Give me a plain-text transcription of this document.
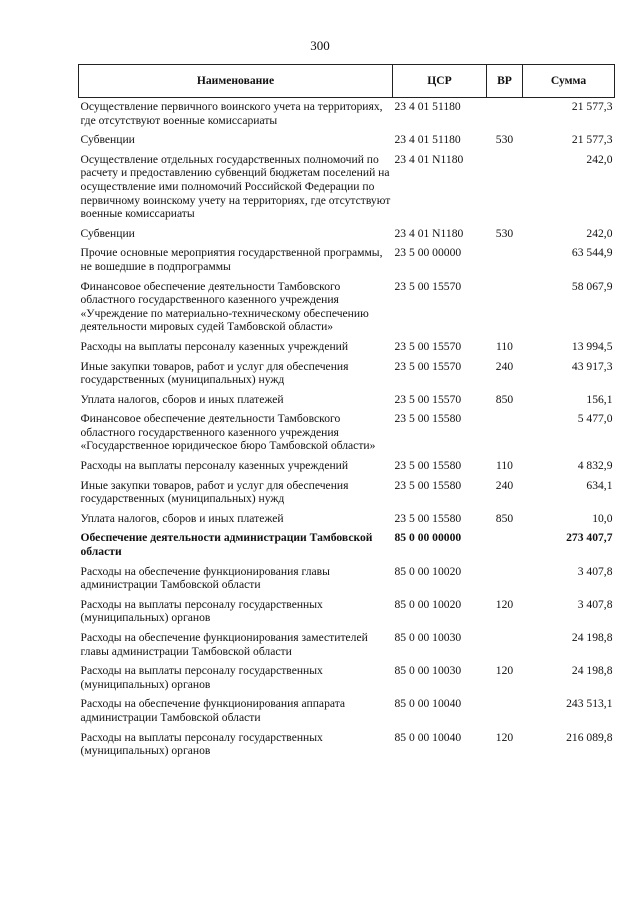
300
Наименование	ЦСР	ВР	Сумма
Осуществление первичного воинского учета на территориях, где отсутствуют военные комиссариаты	23 4 01 51180		21 577,3
Субвенции	23 4 01 51180	530	21 577,3
Осуществление отдельных государственных полномочий по расчету и предоставлению субвенций бюджетам поселений на осуществление ими полномочий Российской Федерации по первичному воинскому учету на территориях, где отсутствуют военные комиссариаты	23 4 01 N1180		242,0
Субвенции	23 4 01 N1180	530	242,0
Прочие основные мероприятия государственной программы, не вошедшие в подпрограммы	23 5 00 00000		63 544,9
Финансовое обеспечение деятельности Тамбовского областного государственного казенного учреждения «Учреждение по материально-техническому обеспечению деятельности мировых судей Тамбовской области»	23 5 00 15570		58 067,9
Расходы на выплаты персоналу казенных учреждений	23 5 00 15570	110	13 994,5
Иные закупки товаров, работ и услуг для обеспечения государственных (муниципальных) нужд	23 5 00 15570	240	43 917,3
Уплата налогов, сборов и иных платежей	23 5 00 15570	850	156,1
Финансовое обеспечение деятельности Тамбовского областного государственного казенного учреждения «Государственное юридическое бюро Тамбовской области»	23 5 00 15580		5 477,0
Расходы на выплаты персоналу казенных учреждений	23 5 00 15580	110	4 832,9
Иные закупки товаров, работ и услуг для обеспечения государственных (муниципальных) нужд	23 5 00 15580	240	634,1
Уплата налогов, сборов и иных платежей	23 5 00 15580	850	10,0
Обеспечение деятельности администрации Тамбовской области	85 0 00 00000		273 407,7
Расходы на обеспечение функционирования главы администрации Тамбовской области	85 0 00 10020		3 407,8
Расходы на выплаты персоналу государственных (муниципальных) органов	85 0 00 10020	120	3 407,8
Расходы на обеспечение функционирования заместителей главы администрации Тамбовской области	85 0 00 10030		24 198,8
Расходы на выплаты персоналу государственных (муниципальных) органов	85 0 00 10030	120	24 198,8
Расходы на обеспечение функционирования аппарата администрации Тамбовской области	85 0 00 10040		243 513,1
Расходы на выплаты персоналу государственных (муниципальных) органов	85 0 00 10040	120	216 089,8
